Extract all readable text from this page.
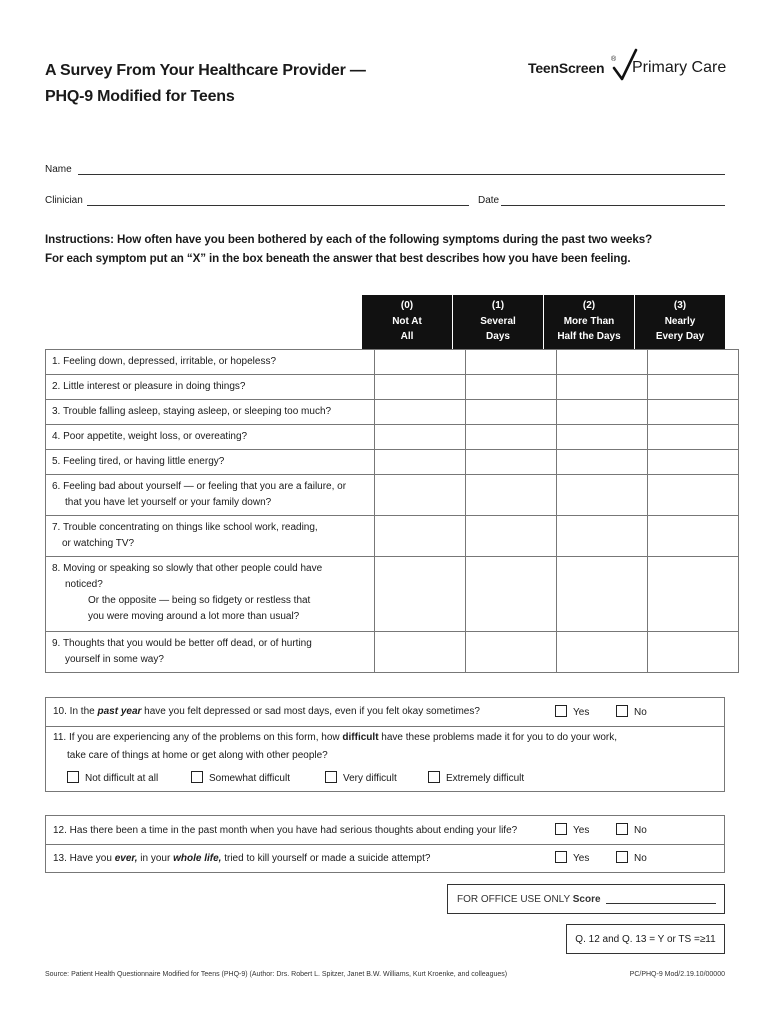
A Survey From Your Healthcare Provider —
PHQ-9 Modified for Teens
TeenScreen
® Primary Care
Name
Clinician	Date
Instructions: How often have you been bothered by each of the following symptoms during the past two weeks?
For each symptom put an “X” in the box beneath the answer that best describes how you have been feeling.
(0)
Not At
All
(1)
Several
Days
(2)
More Than
Half the Days
(3)
Nearly
Every Day
1. Feeling down, depressed, irritable, or hopeless?				

2. Little interest or pleasure in doing things?				

3. Trouble falling asleep, staying asleep, or sleeping too much?				

4. Poor appetite, weight loss, or overeating?				

5. Feeling tired, or having little energy?				

6. Feeling bad about yourself — or feeling that you are a failure, or
that you have let yourself or your family down?				

7. Trouble concentrating on things like school work, reading,
or watching TV?				

8. Moving or speaking so slowly that other people could have
noticed?
Or the opposite — being so fidgety or restless that
you were moving around a lot more than usual?				

9. Thoughts that you would be better off dead, or of hurting
yourself in some way?				

10. In the past year have you felt depressed or sad most days, even if you felt okay sometimes?	Yes	No
11. If you are experiencing any of the problems on this form, how difficult have these problems made it for you to do your work,
take care of things at home or get along with other people?
Not difficult at all	Somewhat difficult	Very difficult	Extremely difficult
12. Has there been a time in the past month when you have had serious thoughts about ending your life?	Yes	No
13. Have you ever, in your whole life, tried to kill yourself or made a suicide attempt?	Yes	No
FOR OFFICE USE ONLY Score
Q. 12 and Q. 13 = Y or TS =≥11
Source: Patient Health Questionnaire Modified for Teens (PHQ-9) (Author: Drs. Robert L. Spitzer, Janet B.W. Williams, Kurt Kroenke, and colleagues)	PC/PHQ-9 Mod/2.19.10/00000
